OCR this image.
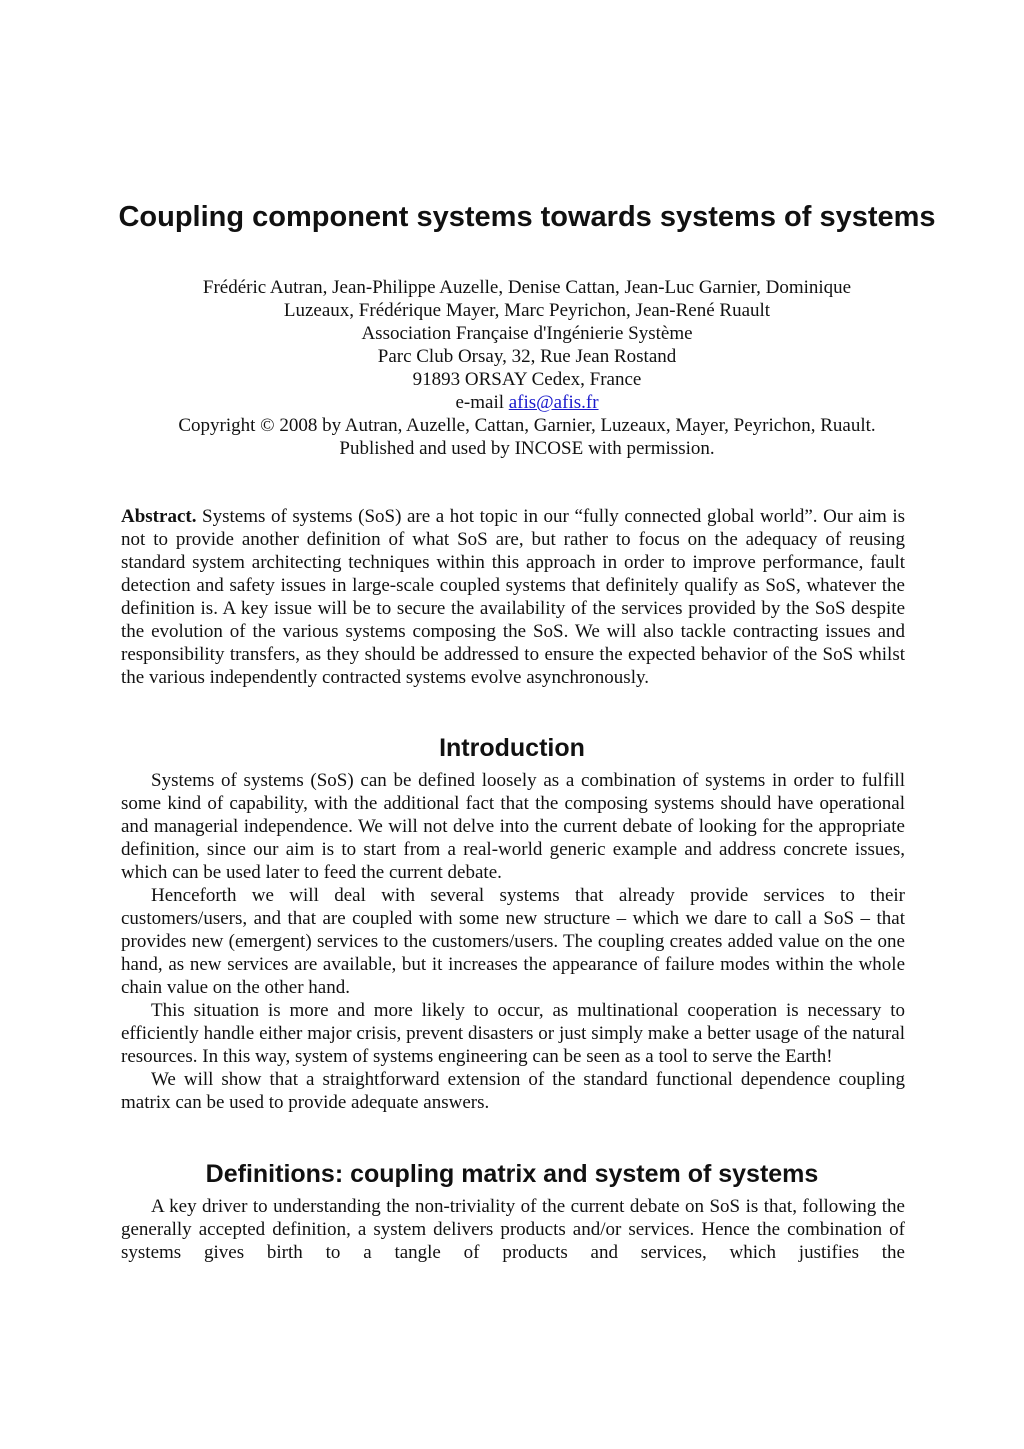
Coupling component systems towards systems of systems
Frédéric Autran, Jean-Philippe Auzelle, Denise Cattan, Jean-Luc Garnier, Dominique
Luzeaux, Frédérique Mayer, Marc Peyrichon, Jean-René Ruault
Association Française d'Ingénierie Système
Parc Club Orsay, 32, Rue Jean Rostand
91893 ORSAY Cedex, France
e-mail afis@afis.fr
Copyright © 2008 by Autran, Auzelle, Cattan, Garnier, Luzeaux, Mayer, Peyrichon, Ruault.
Published and used by INCOSE with permission.

Abstract. Systems of systems (SoS) are a hot topic in our “fully connected global world”. Our aim is not to provide another definition of what SoS are, but rather to focus on the adequacy of reusing standard system architecting techniques within this approach in order to improve performance, fault detection and safety issues in large-scale coupled systems that definitely qualify as SoS, whatever the definition is. A key issue will be to secure the availability of the services provided by the SoS despite the evolution of the various systems composing the SoS. We will also tackle contracting issues and responsibility transfers, as they should be addressed to ensure the expected behavior of the SoS whilst the various independently contracted systems evolve asynchronously.

Introduction

Systems of systems (SoS) can be defined loosely as a combination of systems in order to fulfill some kind of capability, with the additional fact that the composing systems should have operational and managerial independence. We will not delve into the current debate of looking for the appropriate definition, since our aim is to start from a real-world generic example and address concrete issues, which can be used later to feed the current debate.

Henceforth we will deal with several systems that already provide services to their customers/users, and that are coupled with some new structure – which we dare to call a SoS – that provides new (emergent) services to the customers/users. The coupling creates added value on the one hand, as new services are available, but it increases the appearance of failure modes within the whole chain value on the other hand.

This situation is more and more likely to occur, as multinational cooperation is necessary to efficiently handle either major crisis, prevent disasters or just simply make a better usage of the natural resources. In this way, system of systems engineering can be seen as a tool to serve the Earth!

We will show that a straightforward extension of the standard functional dependence coupling matrix can be used to provide adequate answers.

Definitions: coupling matrix and system of systems

A key driver to understanding the non-triviality of the current debate on SoS is that, following the generally accepted definition, a system delivers products and/or services. Hence the combination of systems gives birth to a tangle of products and services, which justifies the
